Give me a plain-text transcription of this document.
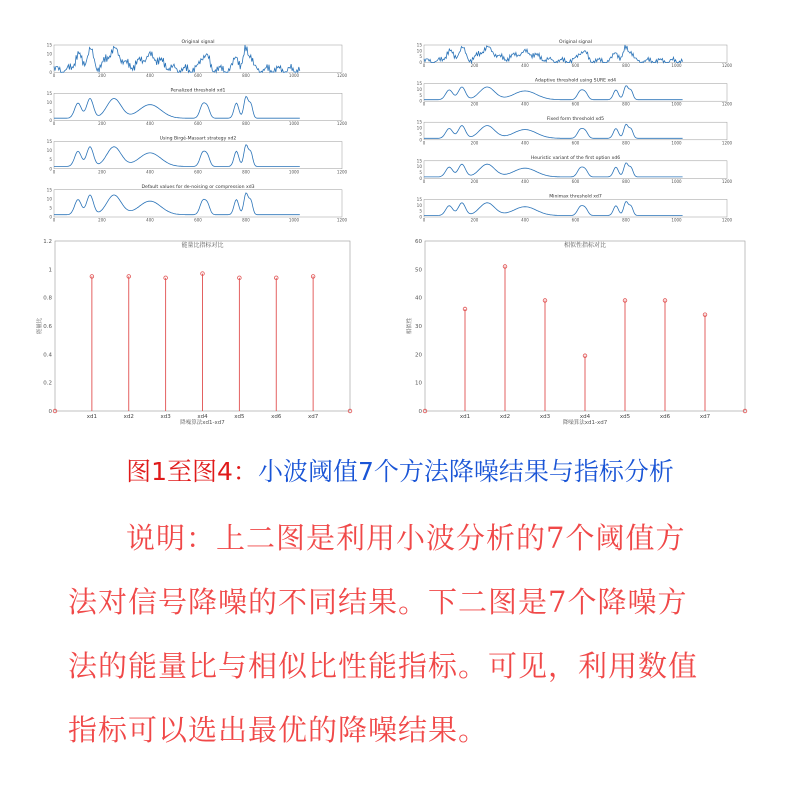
Original signal
0
5
10
15
0	200	400	600	800	1000	1200
Penalized threshold xd1
0
5
10
15
0	200	400	600	800	1000	1200
Using Birgé-Massart strategy xd2
0
5
10
15
0	200	400	600	800	1000	1200
Default values for de-noising or compression xd3
0
5
10
15
0	200	400	600	800	1000	1200
Original signal
0
5
10
15
0	200	400	600	800	1000	1200
Adaptive threshold using SURE xd4
0
5
10
15
0	200	400	600	800	1000	1200
Fixed form threshold xd5
0
5
10
15
0	200	400	600	800	1000	1200
Heuristic variant of the first option xd6
0
5
10
15
0	200	400	600	800	1000	1200
Minimax threshold xd7
0
5
10
15
0	200	400	600	800	1000	1200
能量比指标对比
0
0.2
0.4
0.6
0.8
1
1.2
能量比
xd1	xd2	xd3	xd4	xd5	xd6	xd7
降噪算法xd1-xd7
相似性指标对比
0
10
20
30
40
50
60
相似性
xd1	xd2	xd3	xd4	xd5	xd6	xd7
降噪算法xd1-xd7
图1至图4：小波阈值7个方法降噪结果与指标分析
说明：上二图是利用小波分析的7个阈值方
法对信号降噪的不同结果。下二图是7个降噪方
法的能量比与相似比性能指标。可见，利用数值
指标可以选出最优的降噪结果。
